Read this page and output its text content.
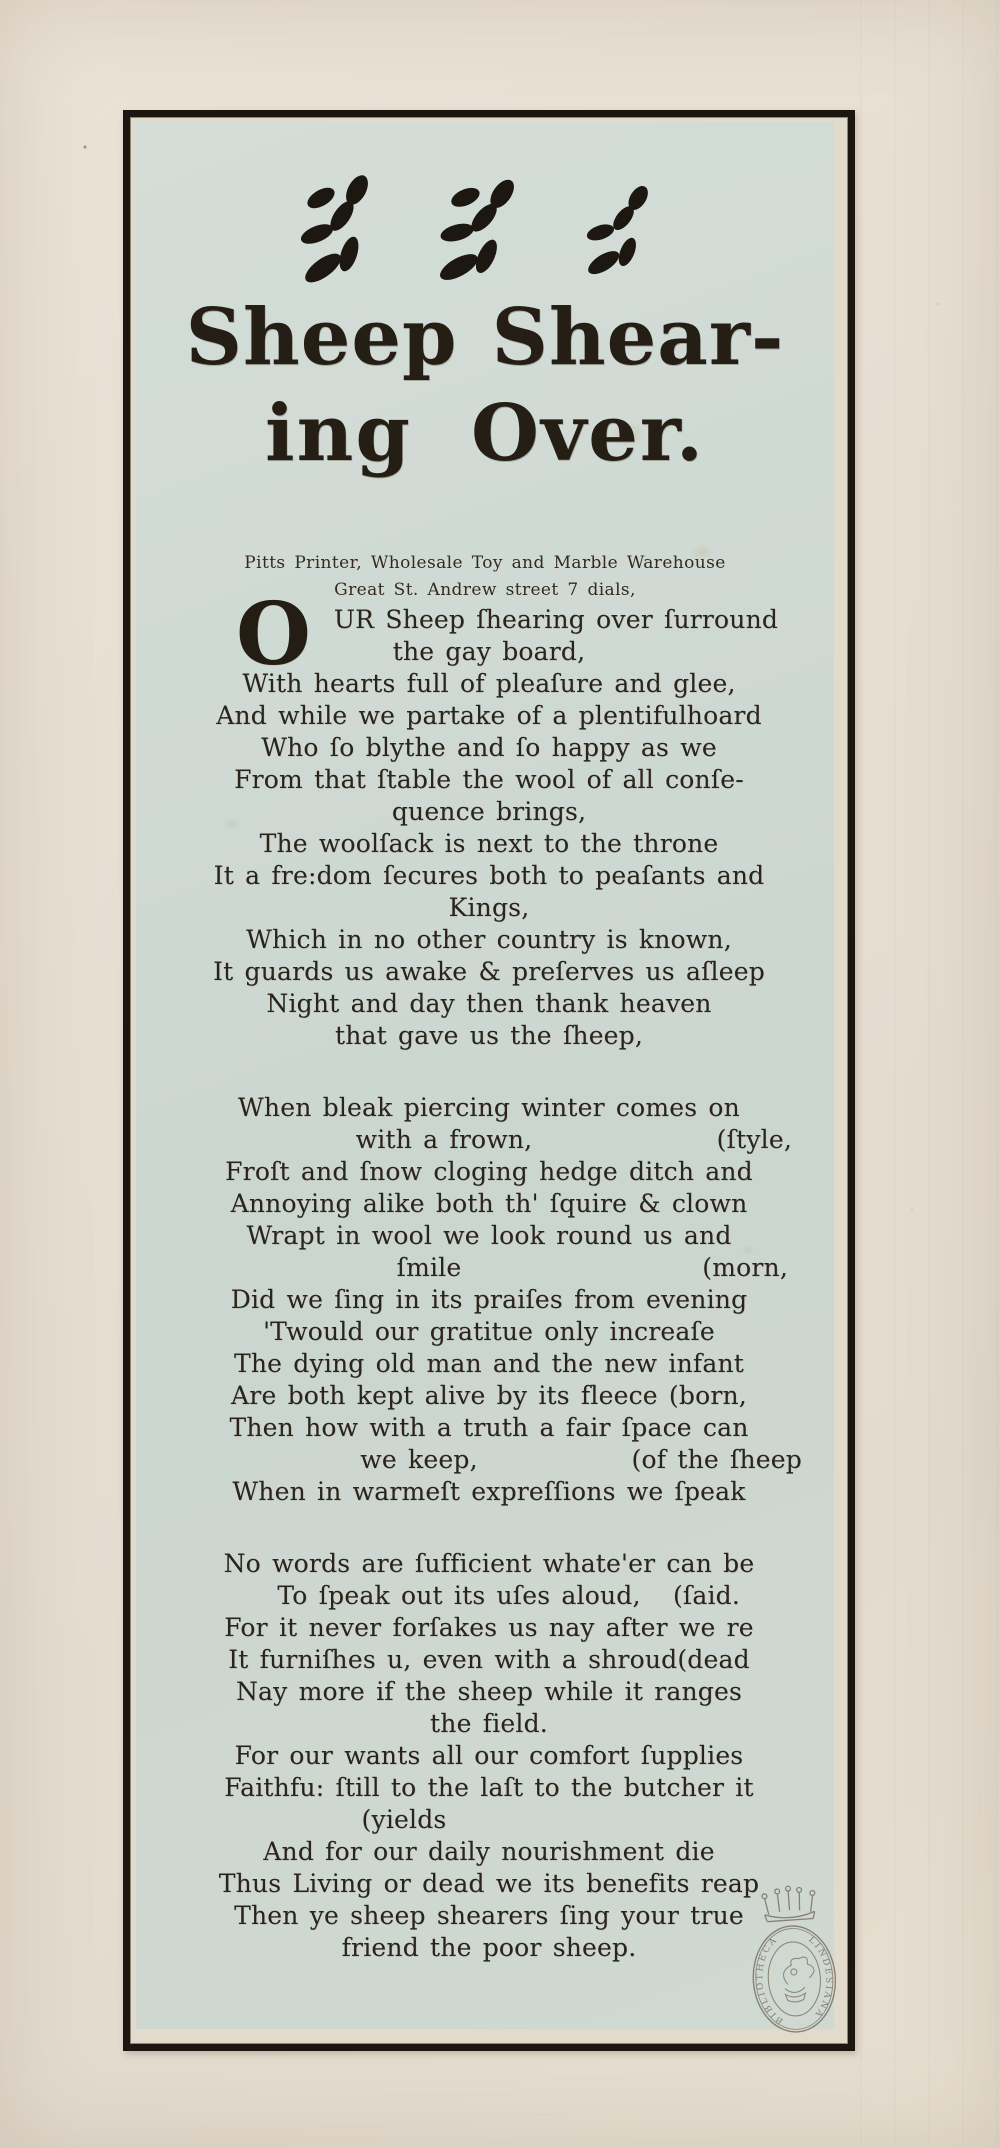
Sheep Shear-
ing Over.
Pitts Printer, Wholesale Toy and Marble Warehouse
Great St. Andrew street 7 dials,
O UR Sheep ſhearing over ſurround
the gay board,
With hearts full of pleaſure and glee,
And while we partake of a plentifulhoard
Who ſo blythe and ſo happy as we
From that ſtable the wool of all conſe-
quence brings,
The woolſack is next to the throne
It a fre:dom ſecures both to peaſants and
Kings,
Which in no other country is known,
It guards us awake & preſerves us aſleep
Night and day then thank heaven
that gave us the ſheep,
When bleak piercing winter comes on
with a frown,	(ſtyle,
Froſt and ſnow cloging hedge ditch and
Annoying alike both th' ſquire & clown
Wrapt in wool we look round us and
ſmile	(morn,
Did we ſing in its praiſes from evening
'Twould our gratitue only increaſe
The dying old man and the new infant
Are both kept alive by its fleece (born,
Then how with a truth a fair ſpace can
we keep,	(of the ſheep
When in warmeſt expreſſions we ſpeak
No words are ſufficient whate'er can be
To ſpeak out its uſes aloud, (ſaid.
For it never forſakes us nay after we re
It furniſhes u, even with a shroud(dead
Nay more if the sheep while it ranges
the field.
For our wants all our comfort ſupplies
Faithfu: ſtill to the laſt to the butcher it
(yields
And for our daily nourishment die
Thus Living or dead we its benefits reap
Then ye sheep shearers ſing your true
friend the poor sheep.
BIBLIOTHECA	LINDESIANA
